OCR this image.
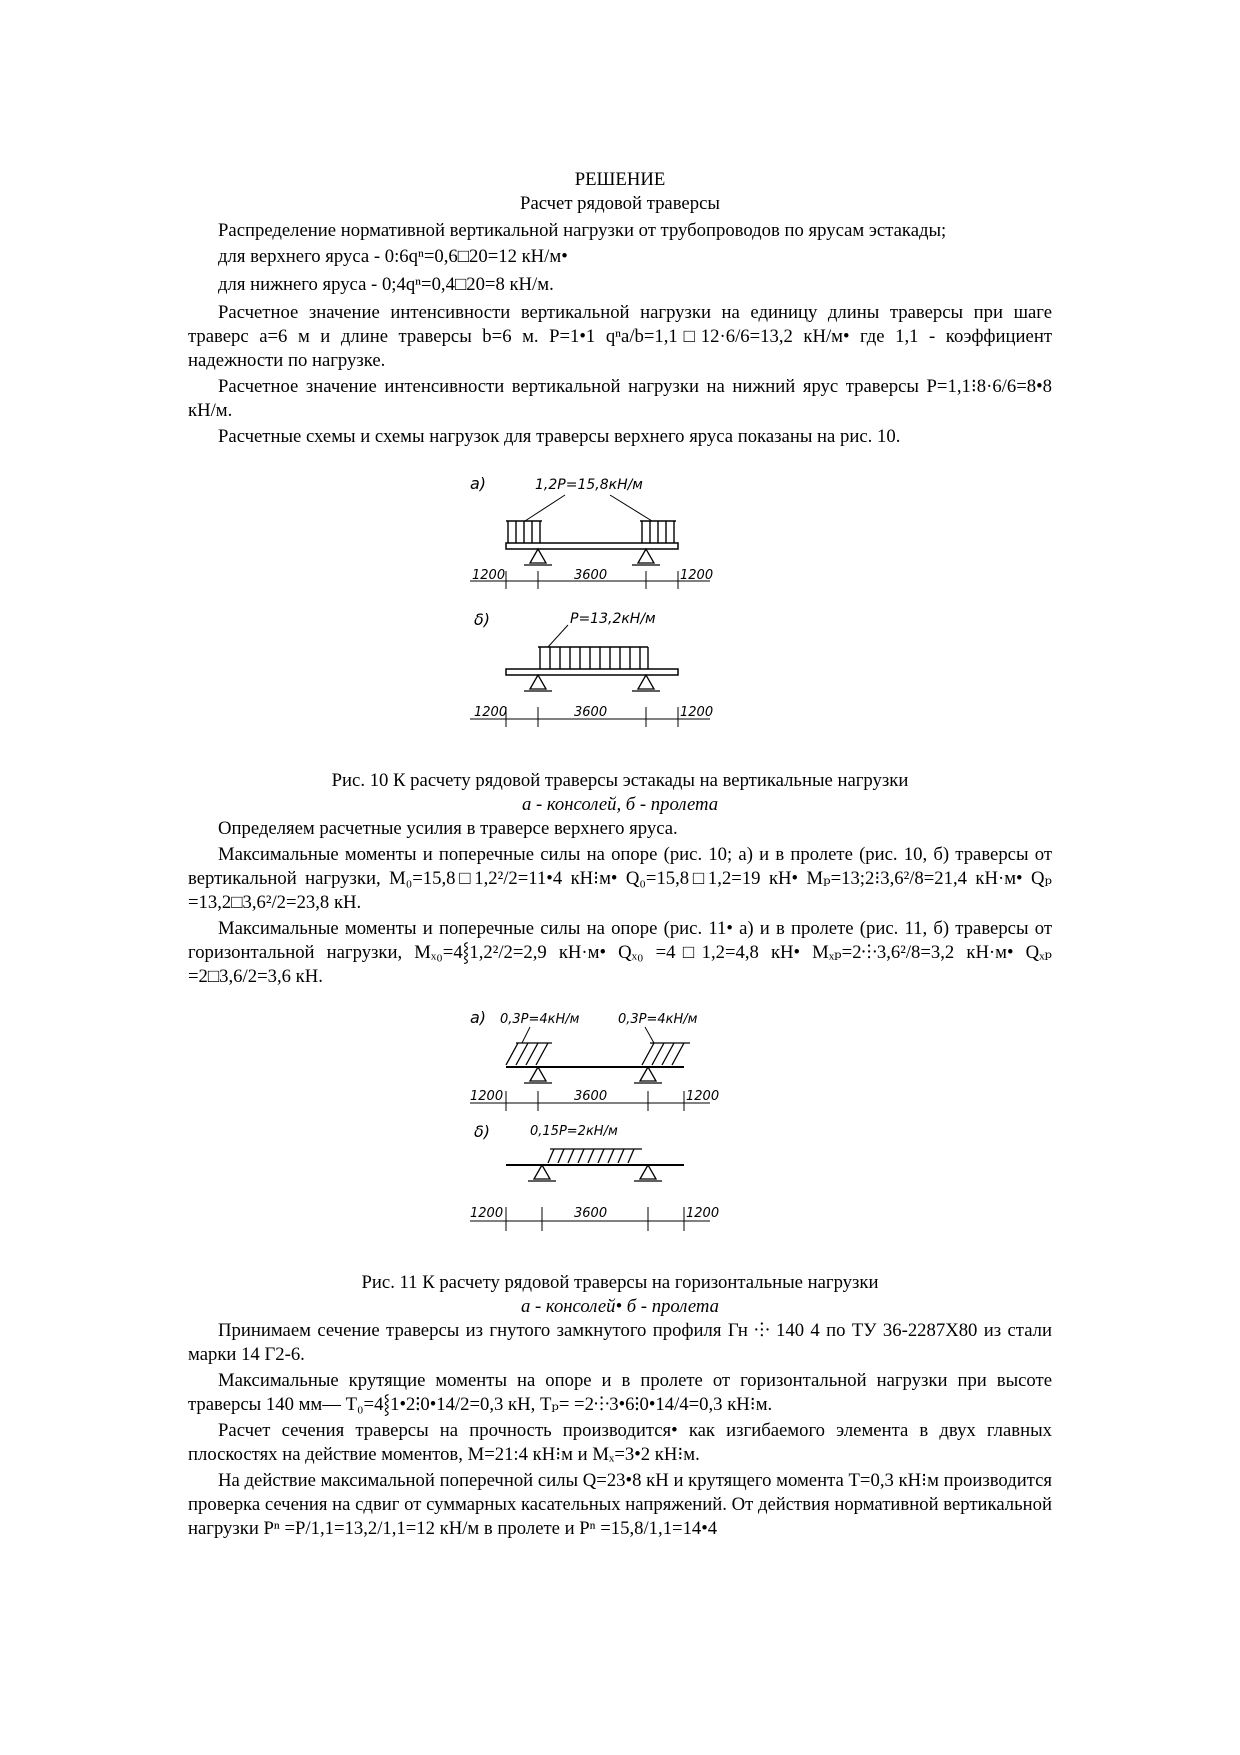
РЕШЕНИЕ
Расчет рядовой траверсы

Распределение нормативной вертикальной нагрузки от трубопроводов по ярусам эстакады;

для верхнего яруса - 0:6qⁿ=0,6□20=12 кН/м•

для нижнего яруса - 0;4qⁿ=0,4□20=8 кН/м.

Расчетное значение интенсивности вертикальной нагрузки на единицу длины траверсы при шаге траверс a=6 м и длине траверсы b=6 м. P=1•1 qⁿa/b=1,1□12·6/6=13,2 кН/м• где 1,1 - коэффициент надежности по нагрузке.

Расчетное значение интенсивности вертикальной нагрузки на нижний ярус траверсы P=1,1⁝8·6/6=8•8 кН/м.

Расчетные схемы и схемы нагрузок для траверсы верхнего яруса показаны на рис. 10.

а)	1,2P=15,8кН/м
1200	3600	1200
δ)	P=13,2кН/м
1200	3600	1200

Рис. 10 К расчету рядовой траверсы эстакады на вертикальные нагрузки

а - консолей, б - пролета

Определяем расчетные усилия в траверсе верхнего яруса.

Максимальные моменты и поперечные силы на опоре (рис. 10; а) и в пролете (рис. 10, б) траверсы от вертикальной нагрузки, M₀=15,8□1,2²/2=11•4 кН⁝м• Q₀=15,8□1,2=19 кН• Mₚ=13;2⁝3,6²/8=21,4 кН·м• Qₚ =13,2□3,6²/2=23,8 кН.

Максимальные моменты и поперечные силы на опоре (рис. 11• а) и в пролете (рис. 11, б) траверсы от горизонтальной нагрузки, Mₓ₀=4⸾1,2²/2=2,9 кН·м• Qₓ₀ =4□1,2=4,8 кН• Mₓₚ=2⸭3,6²/8=3,2 кН·м• Qₓₚ =2□3,6/2=3,6 кН.

а) 0,3P=4кН/м	0,3P=4кН/м
1200	3600	1200
δ)	0,15P=2кН/м
1200	3600	1200

Рис. 11 К расчету рядовой траверсы на горизонтальные нагрузки

а - консолей• б - пролета

Принимаем сечение траверсы из гнутого замкнутого профиля Гн ⸭ 140 4 по ТУ 36-2287Х80 из стали марки 14 Г2-6.

Максимальные крутящие моменты на опоре и в пролете от горизонтальной нагрузки при высоте траверсы 140 мм— T₀=4⸾1•2⁝0•14/2=0,3 кН, Tₚ= =2⸭3•6⁝0•14/4=0,3 кН⁝м.

Расчет сечения траверсы на прочность производится• как изгибаемого элемента в двух главных плоскостях на действие моментов, M=21:4 кН⁝м и Mₓ=3•2 кН⁝м.

На действие максимальной поперечной силы Q=23•8 кН и крутящего момента T=0,3 кН⁝м производится проверка сечения на сдвиг от суммарных касательных напряжений. От действия нормативной вертикальной нагрузки Pⁿ =P/1,1=13,2/1,1=12 кН/м в пролете и Pⁿ =15,8/1,1=14•4
